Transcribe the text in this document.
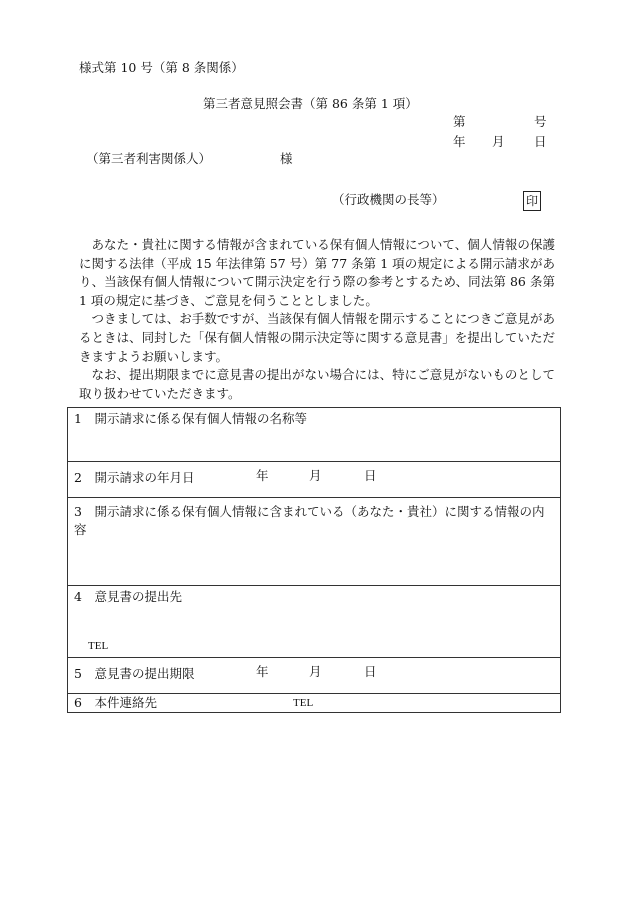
様式第 10 号（第 8 条関係）
第三者意見照会書（第 86 条第 1 項）
第	号
年 月 日
（第三者利害関係人）	様
（行政機関の長等）	印

あなた・貴社に関する情報が含まれている保有個人情報について、個人情報の保護に関する法律（平成 15 年法律第 57 号）第 77 条第 1 項の規定による開示請求があり、当該保有個人情報について開示決定を行う際の参考とするため、同法第 86 条第 1 項の規定に基づき、ご意見を伺うこととしました。

つきましては、お手数ですが、当該保有個人情報を開示することにつきご意見があるときは、同封した「保有個人情報の開示決定等に関する意見書」を提出していただきますようお願いします。

なお、提出期限までに意見書の提出がない場合には、特にご意見がないものとして取り扱わせていただきます。

1　開示請求に係る保有個人情報の名称等
2　開示請求の年月日	年	月	日
3　開示請求に係る保有個人情報に含まれている（あなた・貴社）に関する情報の内容
4　意見書の提出先
TEL
5　意見書の提出期限	年	月	日
6　本件連絡先	TEL
